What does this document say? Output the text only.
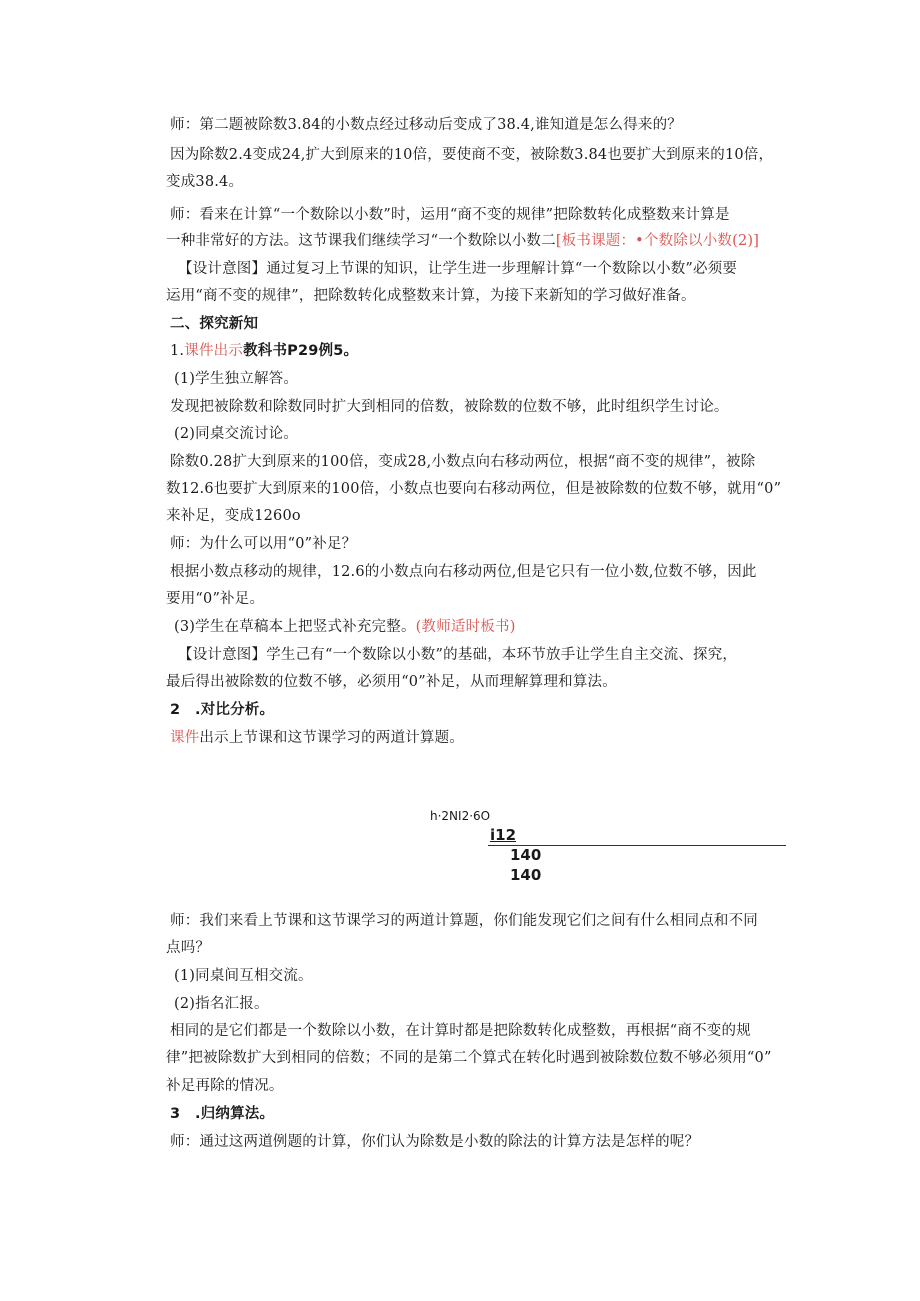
师：第二题被除数3.84的小数点经过移动后变成了38.4,谁知道是怎么得来的？
因为除数2.4变成24,扩大到原来的10倍，要使商不变，被除数3.84也要扩大到原来的10倍，
变成38.4。
师：看来在计算“一个数除以小数”时，运用“商不变的规律”把除数转化成整数来计算是
一种非常好的方法。这节课我们继续学习“一个数除以小数二[板书课题：•个数除以小数(2)]
【设计意图】通过复习上节课的知识，让学生进一步理解计算“一个数除以小数”必须要
运用“商不变的规律”，把除数转化成整数来计算，为接下来新知的学习做好准备。
二、探究新知
1.课件出示教科书P29例5。
(1)学生独立解答。
发现把被除数和除数同时扩大到相同的倍数，被除数的位数不够，此时组织学生讨论。
(2)同桌交流讨论。
除数0.28扩大到原来的100倍，变成28,小数点向右移动两位，根据“商不变的规律”，被除
数12.6也要扩大到原来的100倍，小数点也要向右移动两位，但是被除数的位数不够，就用“0”
来补足，变成1260o
师：为什么可以用“0”补足？
根据小数点移动的规律，12.6的小数点向右移动两位,但是它只有一位小数,位数不够，因此
要用“0”补足。
(3)学生在草稿本上把竖式补充完整。(教师适时板书)
【设计意图】学生己有“一个数除以小数”的基础，本环节放手让学生自主交流、探究，
最后得出被除数的位数不够，必须用“0”补足，从而理解算理和算法。
2　.对比分析。
课件出示上节课和这节课学习的两道计算题。
h·2NI2·6O
i12
140
140
师：我们来看上节课和这节课学习的两道计算题，你们能发现它们之间有什么相同点和不同
点吗？
(1)同桌间互相交流。
(2)指名汇报。
相同的是它们都是一个数除以小数，在计算时都是把除数转化成整数，再根据“商不变的规
律”把被除数扩大到相同的倍数；不同的是第二个算式在转化时遇到被除数位数不够必须用“0”
补足再除的情况。
3　.归纳算法。
师：通过这两道例题的计算，你们认为除数是小数的除法的计算方法是怎样的呢？
